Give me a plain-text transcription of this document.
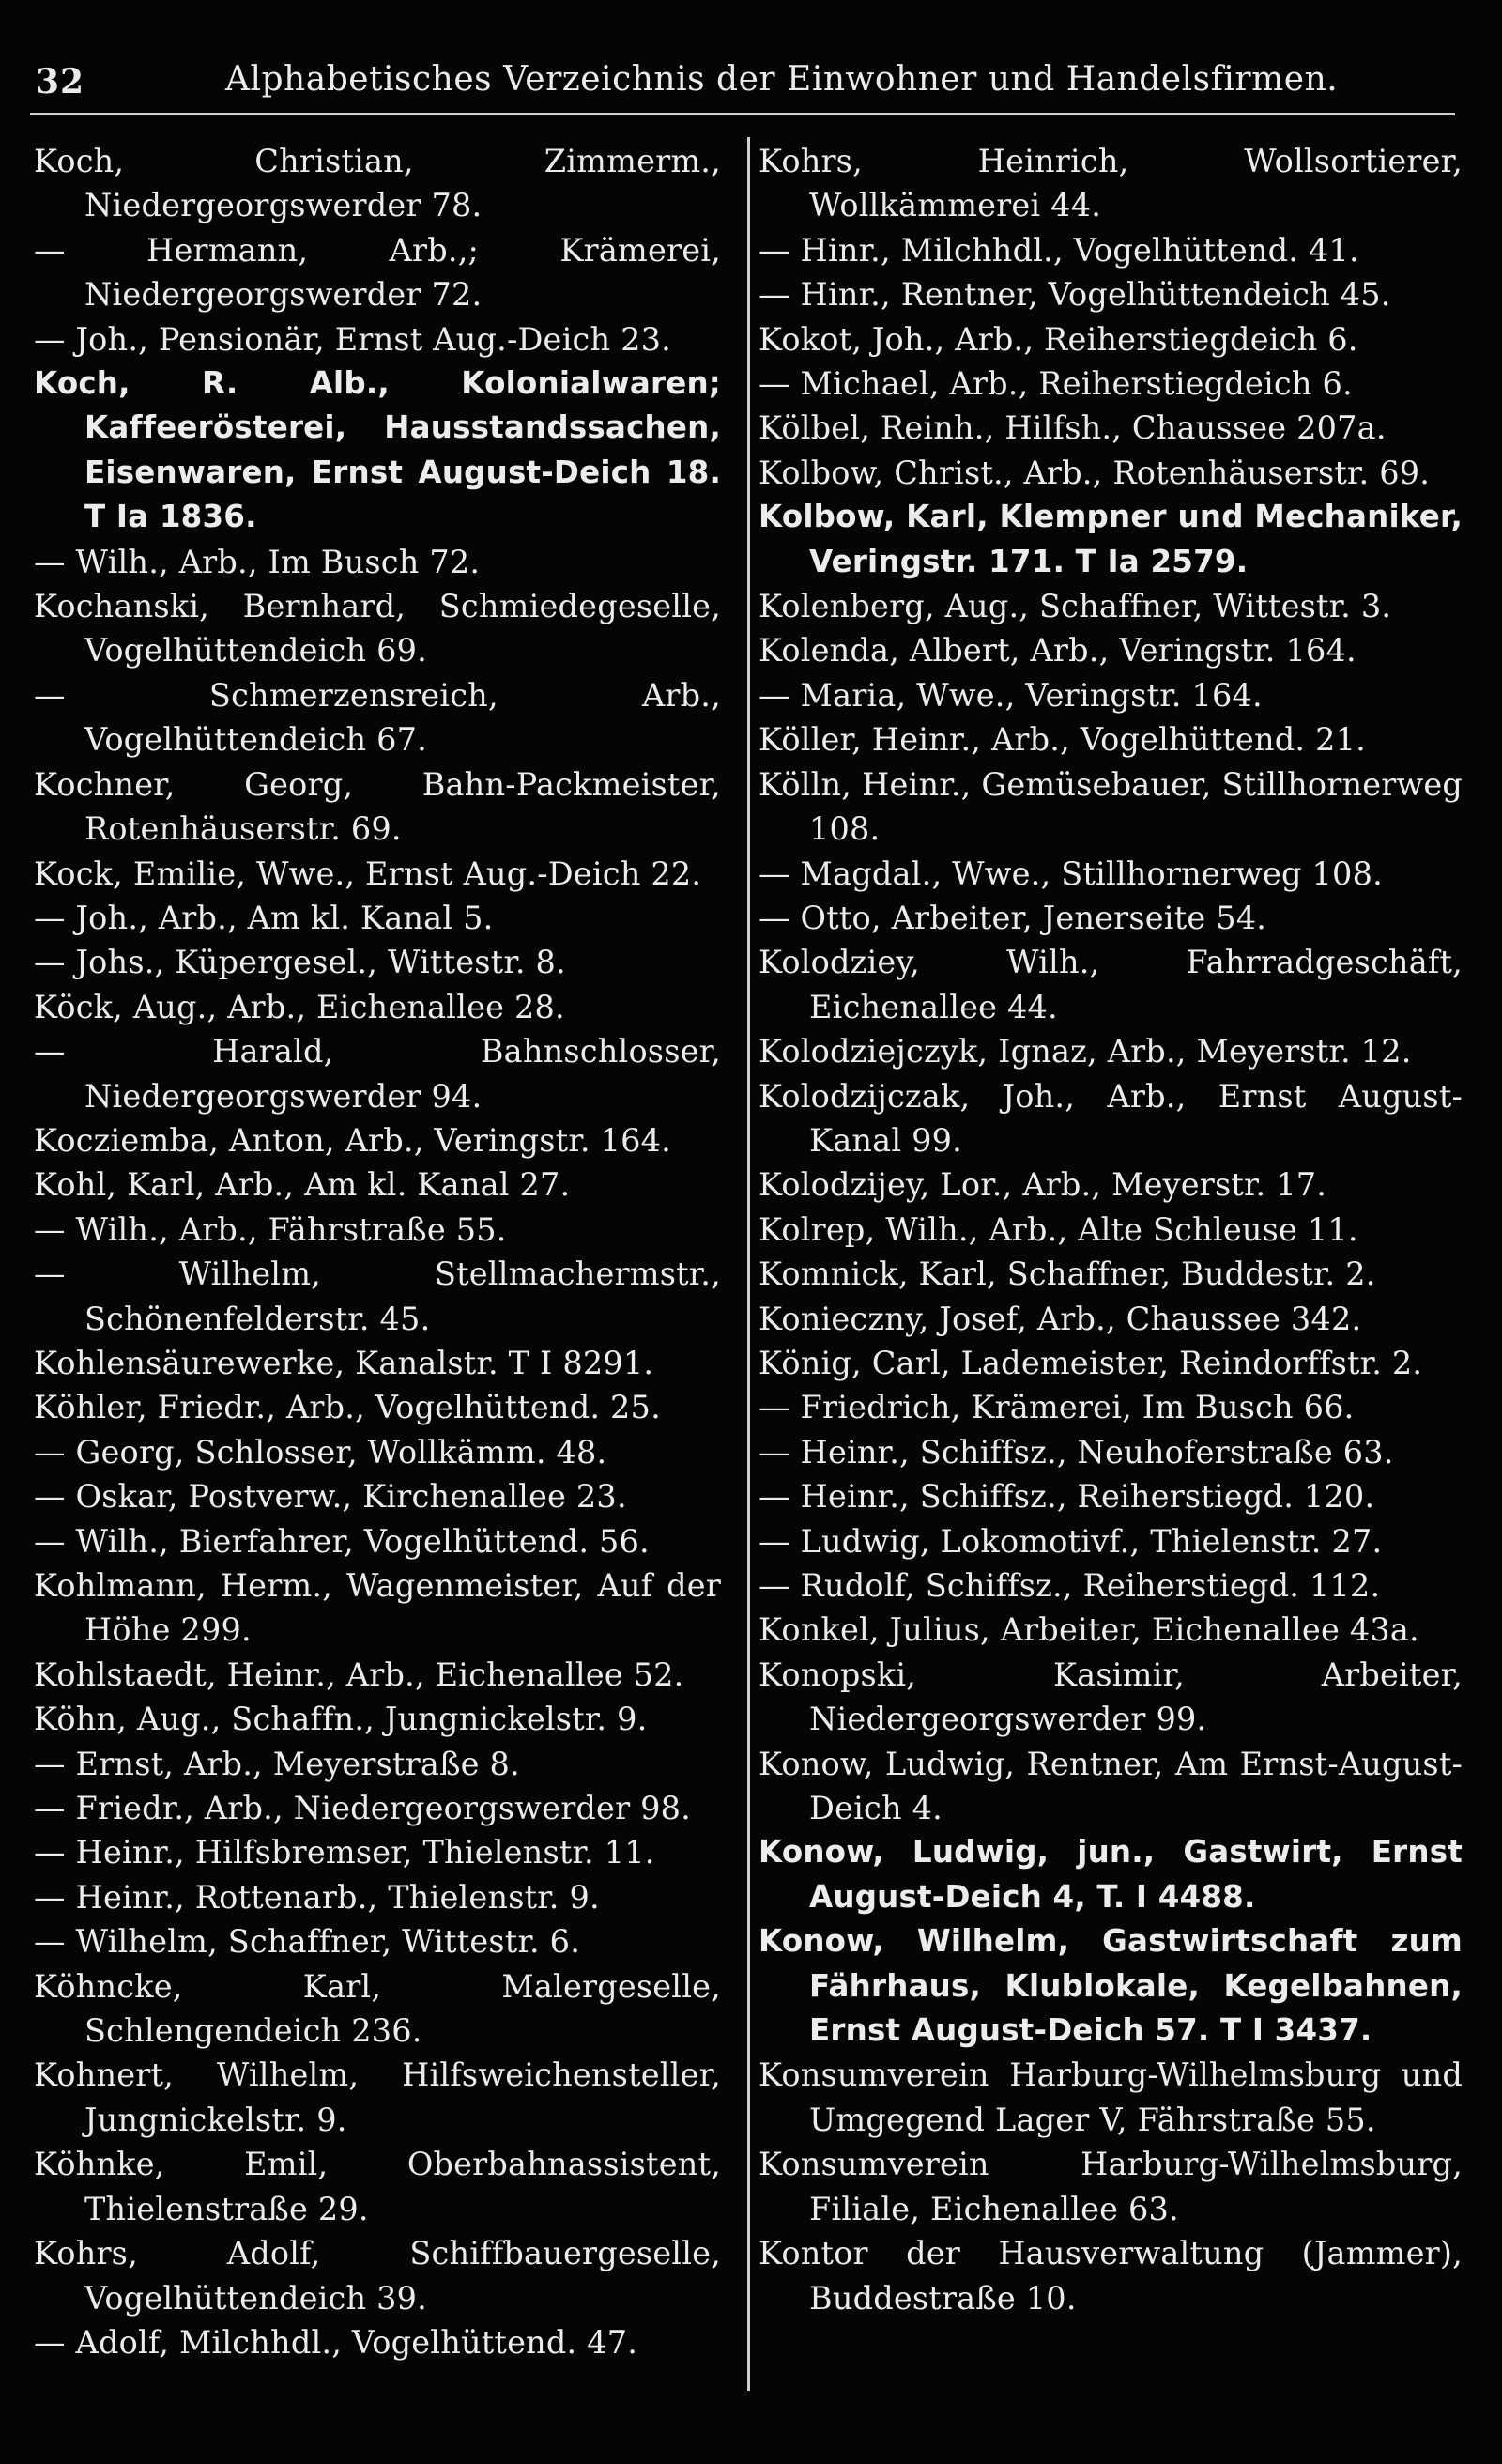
32	Alphabetisches Verzeichnis der Einwohner und Handelsfirmen.
Koch, Christian, Zimmerm., Niedergeorgswerder 78.
— Hermann, Arb.,; Krämerei, Niedergeorgswerder 72.
— Joh., Pensionär, Ernst Aug.-Deich 23.
Koch, R. Alb., Kolonialwaren; Kaffeerösterei, Hausstandssachen, Eisenwaren, Ernst August-Deich 18. T Ia 1836.
— Wilh., Arb., Im Busch 72.
Kochanski, Bernhard, Schmiedegeselle, Vogelhüttendeich 69.
— Schmerzensreich, Arb., Vogelhüttendeich 67.
Kochner, Georg, Bahn-Packmeister, Rotenhäuserstr. 69.
Kock, Emilie, Wwe., Ernst Aug.-Deich 22.
— Joh., Arb., Am kl. Kanal 5.
— Johs., Küpergesel., Wittestr. 8.
Köck, Aug., Arb., Eichenallee 28.
— Harald, Bahnschlosser, Niedergeorgswerder 94.
Kocziemba, Anton, Arb., Veringstr. 164.
Kohl, Karl, Arb., Am kl. Kanal 27.
— Wilh., Arb., Fährstraße 55.
— Wilhelm, Stellmachermstr., Schönenfelderstr. 45.
Kohlensäurewerke, Kanalstr. T I 8291.
Köhler, Friedr., Arb., Vogelhüttend. 25.
— Georg, Schlosser, Wollkämm. 48.
— Oskar, Postverw., Kirchenallee 23.
— Wilh., Bierfahrer, Vogelhüttend. 56.
Kohlmann, Herm., Wagenmeister, Auf der Höhe 299.
Kohlstaedt, Heinr., Arb., Eichenallee 52.
Köhn, Aug., Schaffn., Jungnickelstr. 9.
— Ernst, Arb., Meyerstraße 8.
— Friedr., Arb., Niedergeorgswerder 98.
— Heinr., Hilfsbremser, Thielenstr. 11.
— Heinr., Rottenarb., Thielenstr. 9.
— Wilhelm, Schaffner, Wittestr. 6.
Köhncke, Karl, Malergeselle, Schlengendeich 236.
Kohnert, Wilhelm, Hilfsweichensteller, Jungnickelstr. 9.
Köhnke, Emil, Oberbahnassistent, Thielenstraße 29.
Kohrs, Adolf, Schiffbauergeselle, Vogelhüttendeich 39.
— Adolf, Milchhdl., Vogelhüttend. 47.
Kohrs, Heinrich, Wollsortierer, Wollkämmerei 44.
— Hinr., Milchhdl., Vogelhüttend. 41.
— Hinr., Rentner, Vogelhüttendeich 45.
Kokot, Joh., Arb., Reiherstiegdeich 6.
— Michael, Arb., Reiherstiegdeich 6.
Kölbel, Reinh., Hilfsh., Chaussee 207a.
Kolbow, Christ., Arb., Rotenhäuserstr. 69.
Kolbow, Karl, Klempner und Mechaniker, Veringstr. 171. T Ia 2579.
Kolenberg, Aug., Schaffner, Wittestr. 3.
Kolenda, Albert, Arb., Veringstr. 164.
— Maria, Wwe., Veringstr. 164.
Köller, Heinr., Arb., Vogelhüttend. 21.
Kölln, Heinr., Gemüsebauer, Stillhornerweg 108.
— Magdal., Wwe., Stillhornerweg 108.
— Otto, Arbeiter, Jenerseite 54.
Kolodziey, Wilh., Fahrradgeschäft, Eichenallee 44.
Kolodziejczyk, Ignaz, Arb., Meyerstr. 12.
Kolodzijczak, Joh., Arb., Ernst August-Kanal 99.
Kolodzijey, Lor., Arb., Meyerstr. 17.
Kolrep, Wilh., Arb., Alte Schleuse 11.
Komnick, Karl, Schaffner, Buddestr. 2.
Konieczny, Josef, Arb., Chaussee 342.
König, Carl, Lademeister, Reindorffstr. 2.
— Friedrich, Krämerei, Im Busch 66.
— Heinr., Schiffsz., Neuhoferstraße 63.
— Heinr., Schiffsz., Reiherstiegd. 120.
— Ludwig, Lokomotivf., Thielenstr. 27.
— Rudolf, Schiffsz., Reiherstiegd. 112.
Konkel, Julius, Arbeiter, Eichenallee 43a.
Konopski, Kasimir, Arbeiter, Niedergeorgswerder 99.
Konow, Ludwig, Rentner, Am Ernst-August-Deich 4.
Konow, Ludwig, jun., Gastwirt, Ernst August-Deich 4, T. I 4488.
Konow, Wilhelm, Gastwirtschaft zum Fährhaus, Klublokale, Kegelbahnen, Ernst August-Deich 57. T I 3437.
Konsumverein Harburg-Wilhelmsburg und Umgegend Lager V, Fährstraße 55.
Konsumverein Harburg-Wilhelmsburg, Filiale, Eichenallee 63.
Kontor der Hausverwaltung (Jammer), Buddestraße 10.
